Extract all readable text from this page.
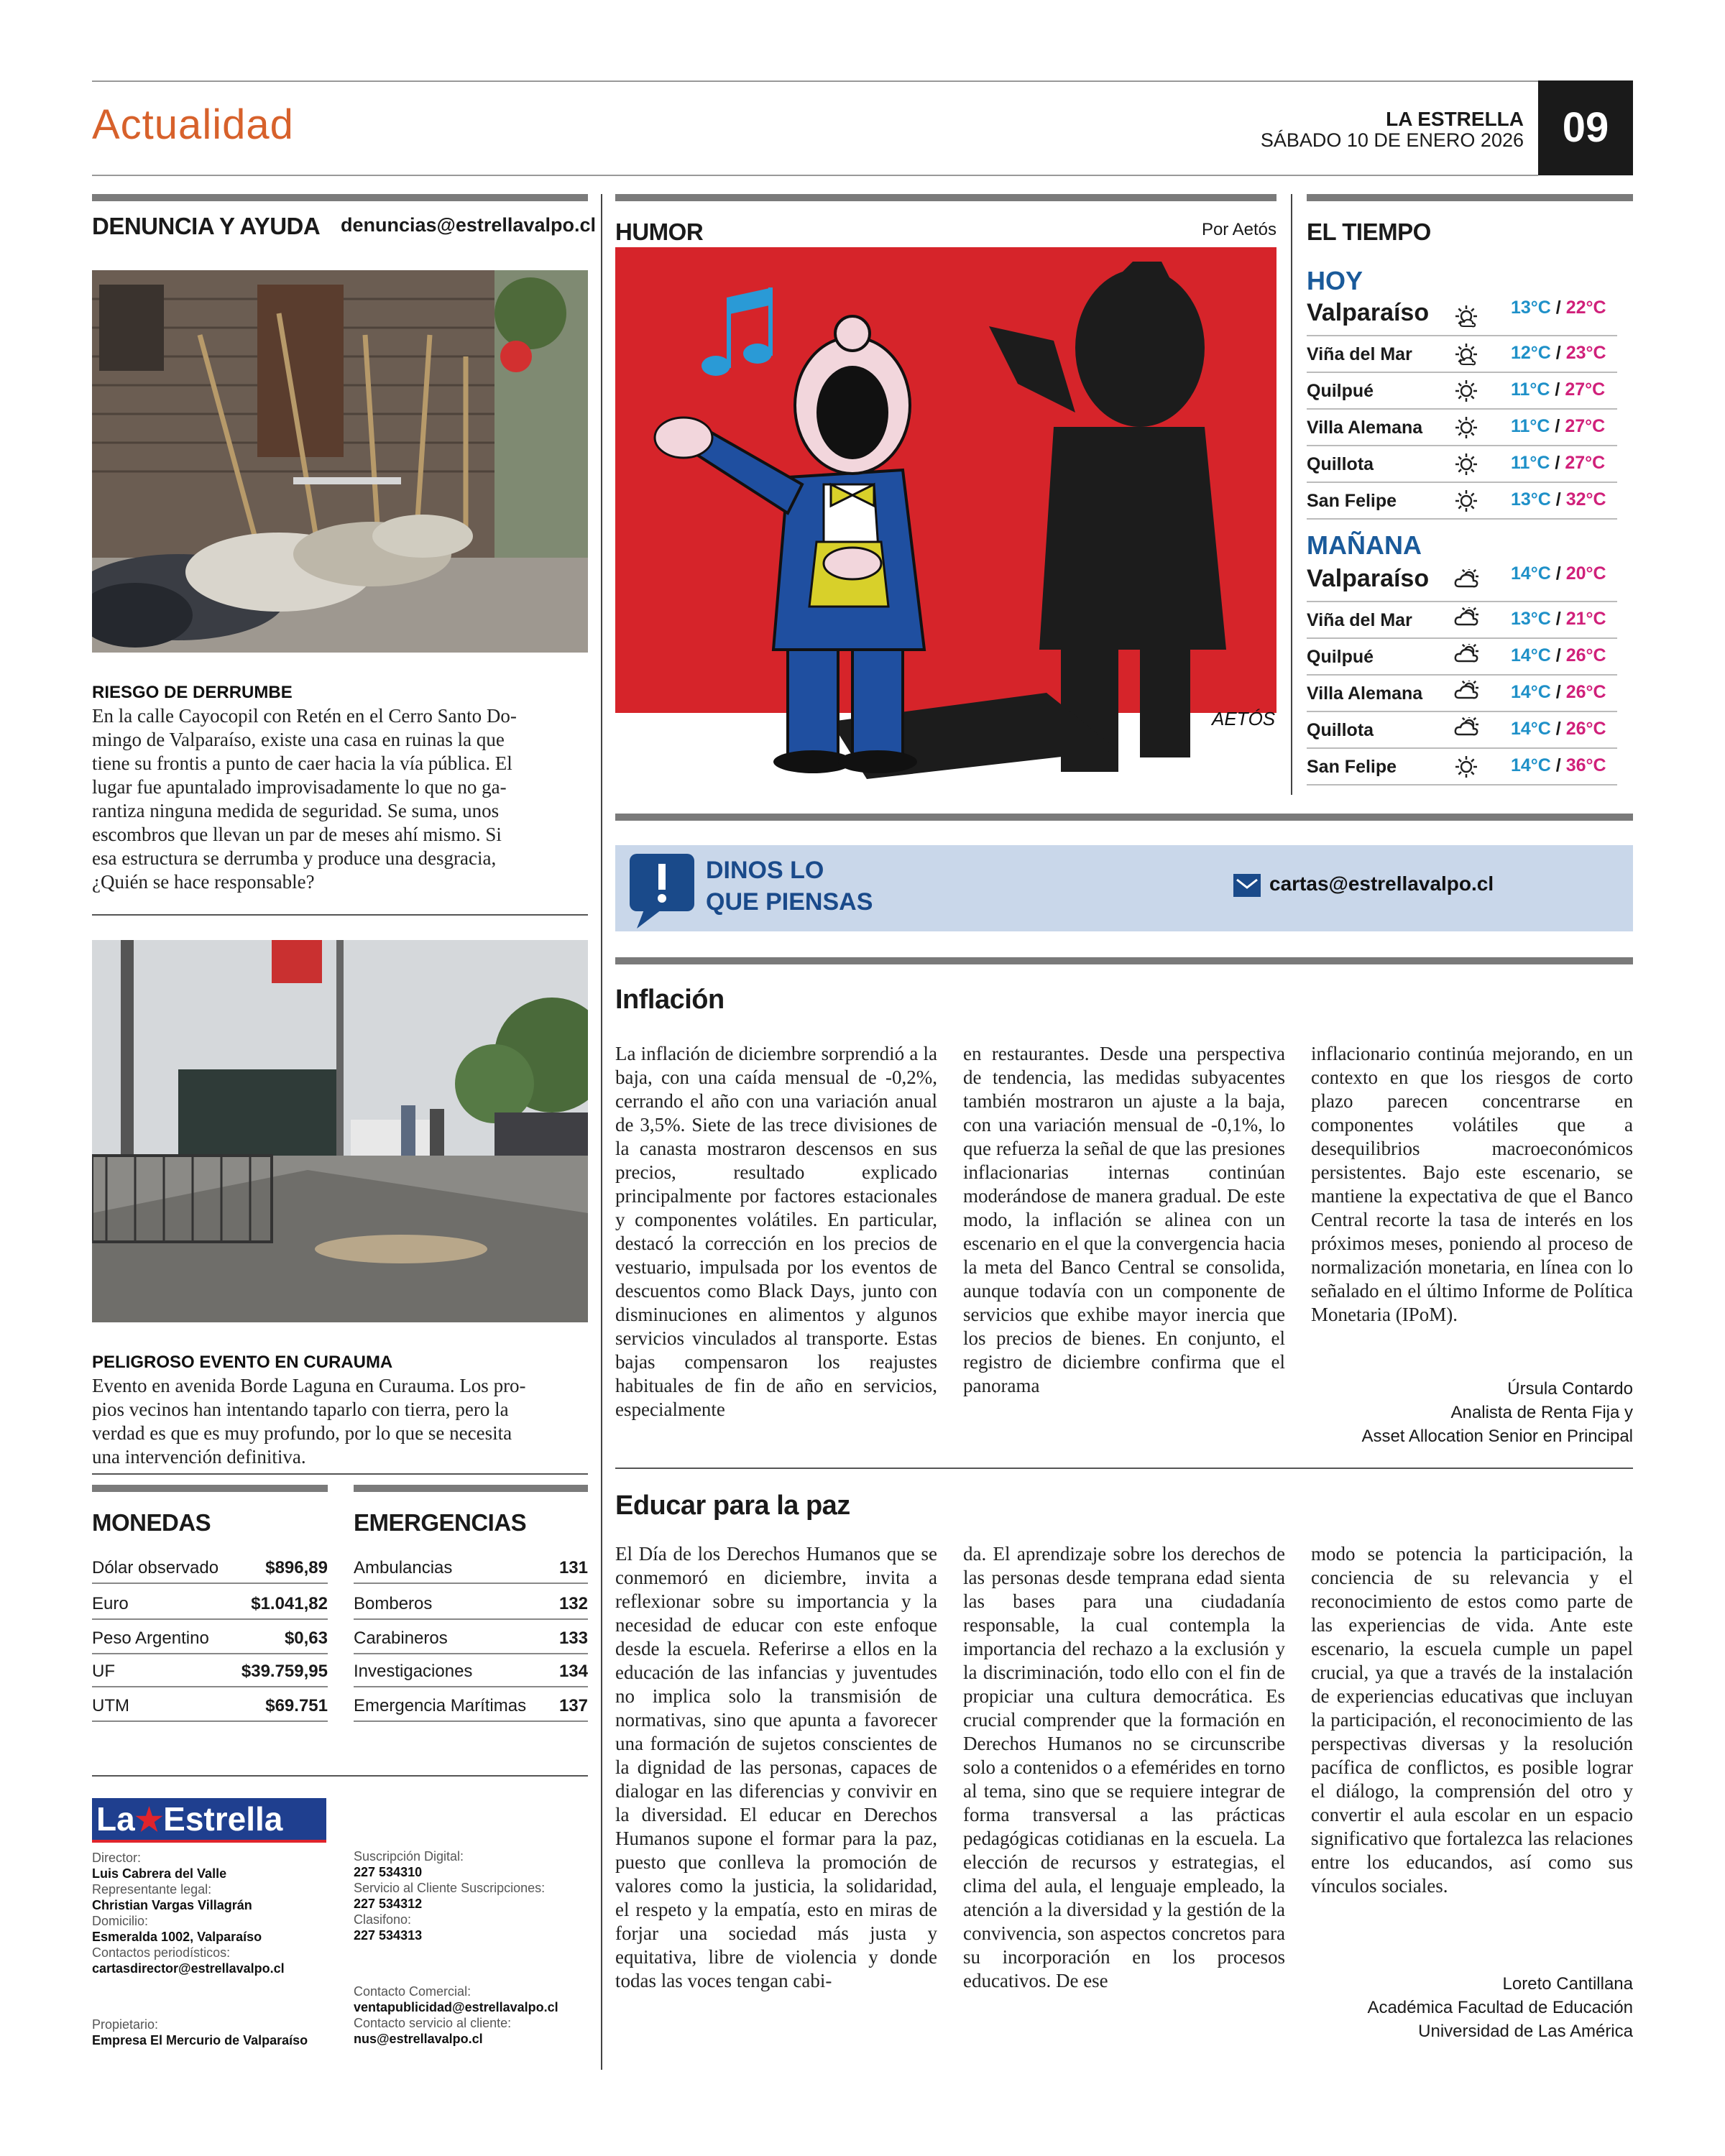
Actualidad	LA ESTRELLA
SÁBADO 10 DE ENERO 2026 09
DENUNCIA Y AYUDA denuncias@estrellavalpo.cl
RIESGO DE DERRUMBE
En la calle Cayocopil con Retén en el Cerro Santo Do-
mingo de Valparaíso, existe una casa en ruinas la que
tiene su frontis a punto de caer hacia la vía pública. El
lugar fue apuntalado improvisadamente lo que no ga-
rantiza ninguna medida de seguridad. Se suma, unos
escombros que llevan un par de meses ahí mismo. Si
esa estructura se derrumba y produce una desgracia,
¿Quién se hace responsable?
PELIGROSO EVENTO EN CURAUMA
Evento en avenida Borde Laguna en Curauma. Los pro-
pios vecinos han intentando taparlo con tierra, pero la
verdad es que es muy profundo, por lo que se necesita
una intervención definitiva.
MONEDAS
Dólar observado	$896,89
Euro	$1.041,82
Peso Argentino	$0,63
UF	$39.759,95
UTM	$69.751
EMERGENCIAS
Ambulancias	131
Bomberos	132
Carabineros	133
Investigaciones	134
Emergencia Marítimas 137
La★Estrella
Director:
Luis Cabrera del Valle
Representante legal:
Christian Vargas Villagrán
Domicilio:
Esmeralda 1002, Valparaíso
Contactos periodísticos:
cartasdirector@estrellavalpo.cl
Propietario:
Empresa El Mercurio de Valparaíso
Suscripción Digital:
227 534310
Servicio al Cliente Suscripciones:
227 534312
Clasifono:
227 534313
Contacto Comercial:
ventapublicidad@estrellavalpo.cl
Contacto servicio al cliente:
nus@estrellavalpo.cl
HUMOR	Por Aetós
AETÓS
EL TIEMPO
HOY
Valparaíso	13°C / 22°C
Viña del Mar	12°C / 23°C
Quilpué	11°C / 27°C
Villa Alemana	11°C / 27°C
Quillota	11°C / 27°C
San Felipe	13°C / 32°C
MAÑANA
Valparaíso	14°C / 20°C
Viña del Mar	13°C / 21°C
Quilpué	14°C / 26°C
Villa Alemana	14°C / 26°C
Quillota	14°C / 26°C
San Felipe	14°C / 36°C
DINOS LO
QUE PIENSAS
cartas@estrellavalpo.cl
Inflación
La inflación de diciembre sorprendió a la baja, con una caída mensual de -0,2%, cerrando el año con una variación anual de 3,5%. Siete de las trece divisiones de la canasta mostraron descensos en sus precios, resultado explicado principalmente por factores estacionales y componentes volátiles. En particular, destacó la corrección en los precios de vestuario, impulsada por los eventos de descuentos como Black Days, junto con disminuciones en alimentos y algunos servicios vinculados al transporte. Estas bajas compensaron los reajustes habituales de fin de año en servicios, especialmente
en restaurantes. Desde una perspectiva de tendencia, las medidas subyacentes también mostraron un ajuste a la baja, con una variación mensual de -0,1%, lo que refuerza la señal de que las presiones inflacionarias internas continúan moderándose de manera gradual. De este modo, la inflación se alinea con un escenario en el que la convergencia hacia la meta del Banco Central se consolida, aunque todavía con un componente de servicios que exhibe mayor inercia que los precios de bienes. En conjunto, el registro de diciembre confirma que el panorama
inflacionario continúa mejorando, en un contexto en que los riesgos de corto plazo parecen concentrarse en componentes volátiles que a desequilibrios macroeconómicos persistentes. Bajo este escenario, se mantiene la expectativa de que el Banco Central recorte la tasa de interés en los próximos meses, poniendo al proceso de normalización monetaria, en línea con lo señalado en el último Informe de Política Monetaria (IPoM).
Úrsula Contardo
Analista de Renta Fija y
Asset Allocation Senior en Principal
Educar para la paz
El Día de los Derechos Humanos que se conmemoró en diciembre, invita a reflexionar sobre su importancia y la necesidad de educar con este enfoque desde la escuela. Referirse a ellos en la educación de las infancias y juventudes no implica solo la transmisión de normativas, sino que apunta a favorecer una formación de sujetos conscientes de la dignidad de las personas, capaces de dialogar en las diferencias y convivir en la diversidad. El educar en Derechos Humanos supone el formar para la paz, puesto que conlleva la promoción de valores como la justicia, la solidaridad, el respeto y la empatía, esto en miras de forjar una sociedad más justa y equitativa, libre de violencia y donde todas las voces tengan cabi-
da. El aprendizaje sobre los derechos de las personas desde temprana edad sienta las bases para una ciudadanía responsable, la cual contempla la importancia del rechazo a la exclusión y la discriminación, todo ello con el fin de propiciar una cultura democrática. Es crucial comprender que la formación en Derechos Humanos no se circunscribe solo a contenidos o a efemérides en torno al tema, sino que se requiere integrar de forma transversal a las prácticas pedagógicas cotidianas en la escuela. La elección de recursos y estrategias, el clima del aula, el lenguaje empleado, la atención a la diversidad y la gestión de la convivencia, son aspectos concretos para su incorporación en los procesos educativos. De ese
modo se potencia la participación, la conciencia de su relevancia y el reconocimiento de estos como parte de las experiencias de vida. Ante este escenario, la escuela cumple un papel crucial, ya que a través de la instalación de experiencias educativas que incluyan la participación, el reconocimiento de las perspectivas diversas y la resolución pacífica de conflictos, es posible lograr el diálogo, la comprensión del otro y convertir el aula escolar en un espacio significativo que fortalezca las relaciones entre los educandos, así como sus vínculos sociales.
Loreto Cantillana
Académica Facultad de Educación
Universidad de Las América
